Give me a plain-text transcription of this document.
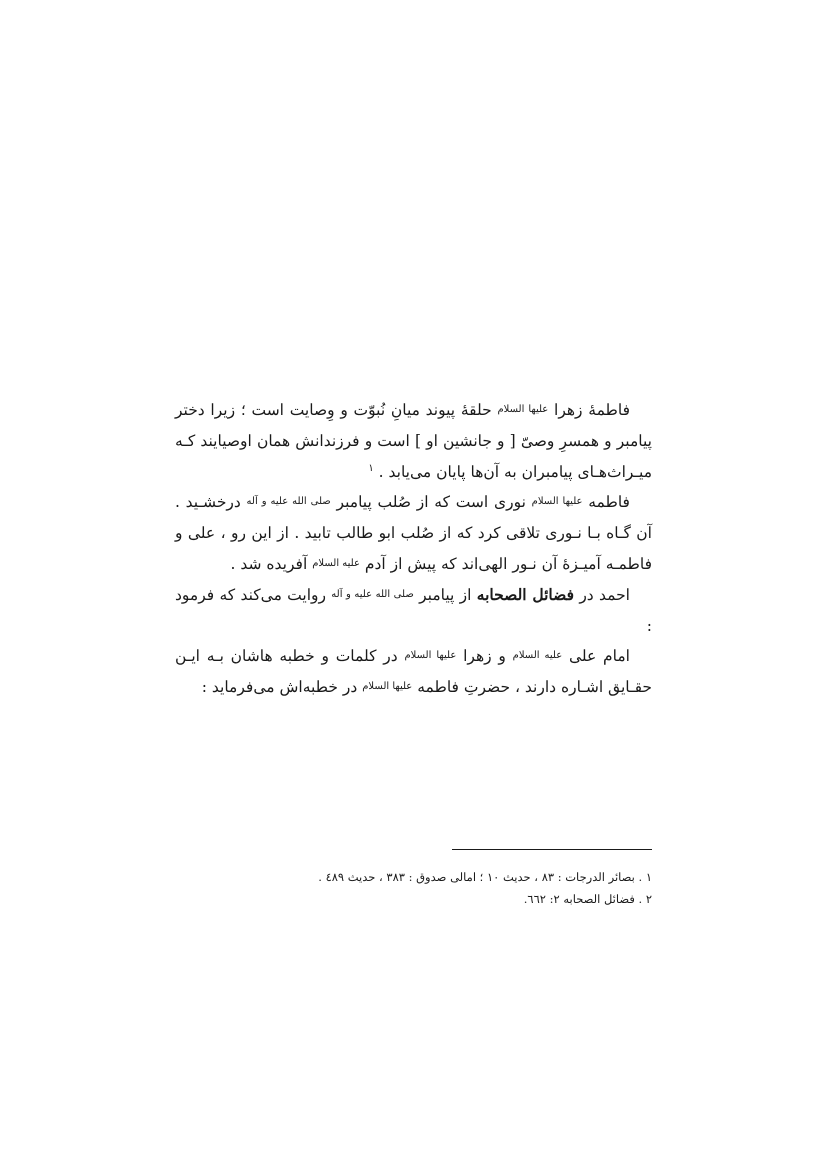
فاطمهٔ زهرا علیها السلام حلقهٔ پیوند میانِ نُبوّت و وِصایت است ؛ زیرا دختر پیامبر و همسرِ وصیّ [ و جانشین او ] است و فرزندانش همان اوصیایند کـه میـراث‌هـای پیامبران به آن‌ها پایان می‌یابد . $^١$

فاطمه علیها السلام نوری است که از صُلب پیامبر صلی الله علیه و آله درخشـید . آن گـاه بـا نـوری تلاقی کرد که از صُلب ابو طالب تابید . از این رو ، علی و فاطمـه آمیـزهٔ آن نـور الهی‌اند که پیش از آدم علیه السلام آفریده شد .

احمد در فضائل الصحابه از پیامبر صلی الله علیه و آله روایت می‌کند که فرمود :

امام علی علیه السلام و زهرا علیها السلام در کلمات و خطبه هاشان بـه ایـن حقـایق اشـاره دارند ، حضرتِ فاطمه علیها السلام در خطبه‌اش می‌فرماید :

١ . بصائر الدرجات : ٨٣ ، حدیث ١٠ ؛ امالی صدوق : ٣٨٣ ، حدیث ٤٨٩ .

٢ . فضائل الصحابه ٢: ٦٦٢.
